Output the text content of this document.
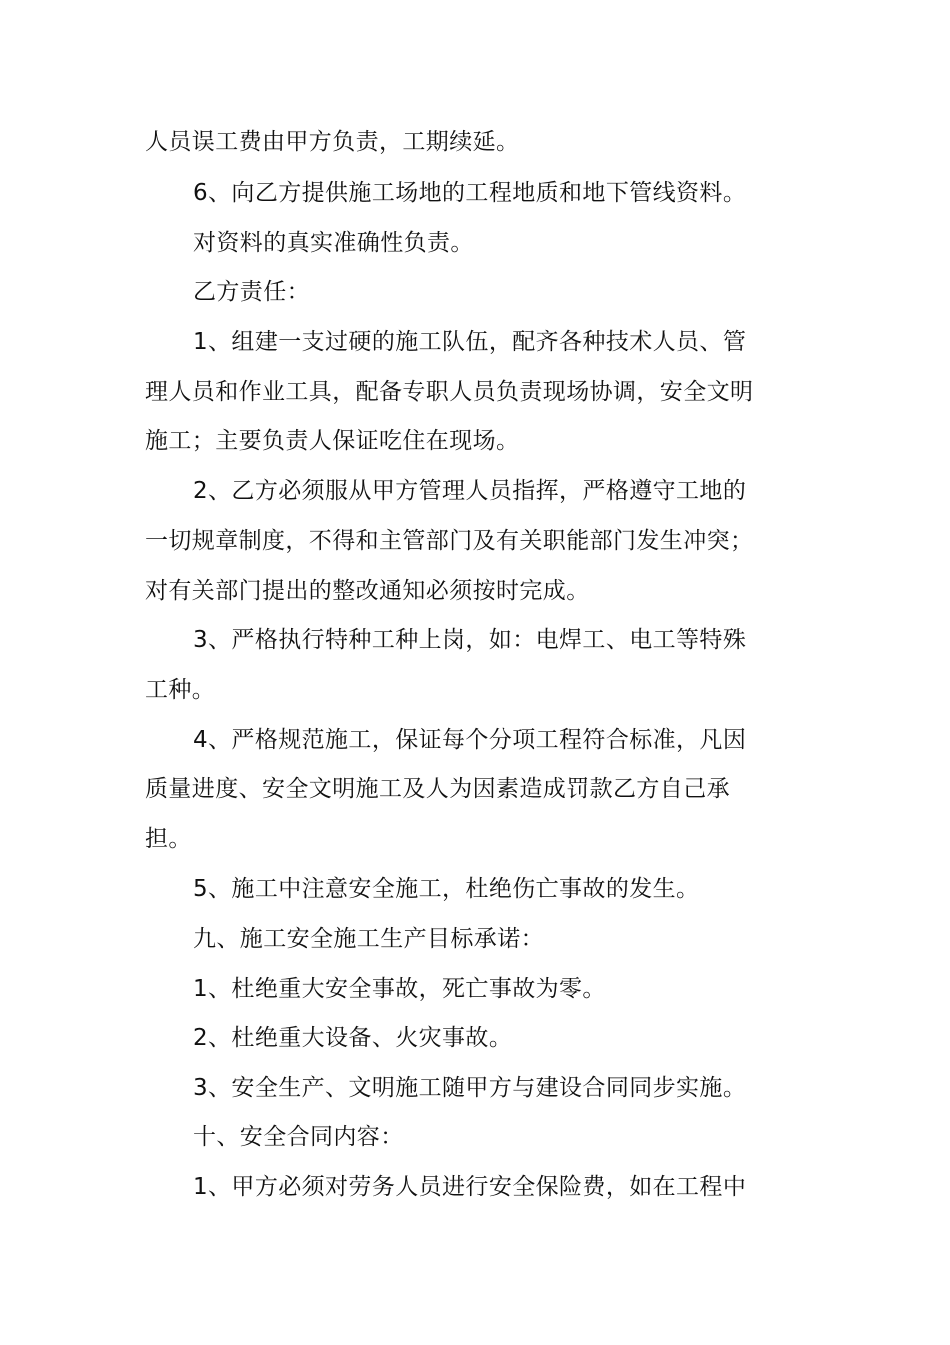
人员误工费由甲方负责，工期续延。
6、向乙方提供施工场地的工程地质和地下管线资料。
对资料的真实准确性负责。
乙方责任：
1、组建一支过硬的施工队伍，配齐各种技术人员、管
理人员和作业工具，配备专职人员负责现场协调，安全文明
施工；主要负责人保证吃住在现场。
2、乙方必须服从甲方管理人员指挥，严格遵守工地的
一切规章制度，不得和主管部门及有关职能部门发生冲突；
对有关部门提出的整改通知必须按时完成。
3、严格执行特种工种上岗，如：电焊工、电工等特殊
工种。
4、严格规范施工，保证每个分项工程符合标准，凡因
质量进度、安全文明施工及人为因素造成罚款乙方自己承
担。
5、施工中注意安全施工，杜绝伤亡事故的发生。
九、施工安全施工生产目标承诺：
1、杜绝重大安全事故，死亡事故为零。
2、杜绝重大设备、火灾事故。
3、安全生产、文明施工随甲方与建设合同同步实施。
十、安全合同内容：
1、甲方必须对劳务人员进行安全保险费，如在工程中
